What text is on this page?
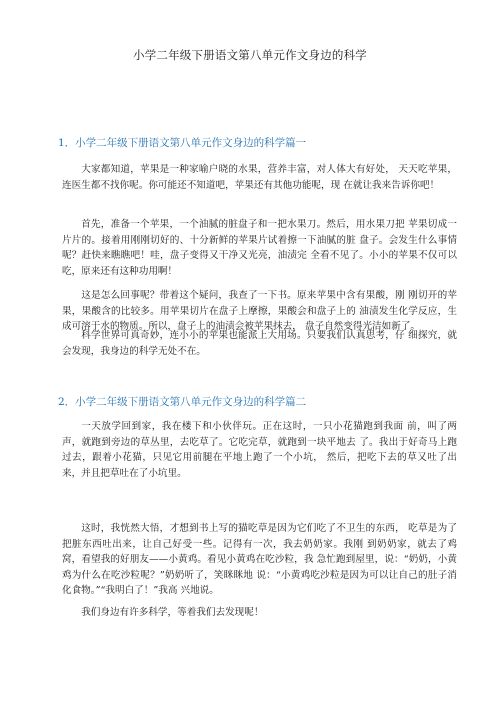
小学二年级下册语文第八单元作文身边的科学
1．小学二年级下册语文第八单元作文身边的科学篇一

大家都知道，苹果是一种家喻户晓的水果，营养丰富，对人体大有好处， 天天吃苹果，连医生都不找你呢。你可能还不知道吧，苹果还有其他功能呢，现 在就让我来告诉你吧！

首先，准备一个苹果，一个油腻的脏盘子和一把水果刀。然后，用水果刀把 苹果切成一片片的。接着用刚刚切好的、十分新鲜的苹果片试着擦一下油腻的脏 盘子。会发生什么事情呢？赶快来瞧瞧吧！哇，盘子变得又干净又光亮，油渍完 全看不见了。小小的苹果不仅可以吃，原来还有这种功用啊！

这是怎么回事呢？带着这个疑问，我查了一下书。原来苹果中含有果酸，刚 刚切开的苹果，果酸含的比较多。用苹果切片在盘子上摩擦，果酸会和盘子上的 油渍发生化学反应，生成可溶于水的物质。所以，盘子上的油渍会被苹果抹去， 盘子自然变得光洁如新了。

科学世界可真奇妙，连小小的苹果也能派上大用场。只要我们认真思考，仔 细探究，就会发现，我身边的科学无处不在。

2．小学二年级下册语文第八单元作文身边的科学篇二

一天放学回到家，我在楼下和小伙伴玩。正在这时，一只小花猫跑到我面 前，叫了两声，就跑到旁边的草丛里，去吃草了。它吃完草，就跑到一块平地去 了。我出于好奇马上跑过去，跟着小花猫，只见它用前腿在平地上跑了一个小坑， 然后，把吃下去的草又吐了出来，并且把草吐在了小坑里。

这时，我恍然大悟，才想到书上写的猫吃草是因为它们吃了不卫生的东西， 吃草是为了把脏东西吐出来，让自己好受一些。记得有一次，我去奶奶家。我刚 到奶奶家，就去了鸡窝，看望我的好朋友——小黄鸡。看见小黄鸡在吃沙粒，我 急忙跑到屋里，说：“奶奶，小黄鸡为什么在吃沙粒呢？”奶奶听了，笑眯眯地 说：“小黄鸡吃沙粒是因为可以让自己的肚子消化食物。”“我明白了！”我高 兴地说。

我们身边有许多科学，等着我们去发现呢！
